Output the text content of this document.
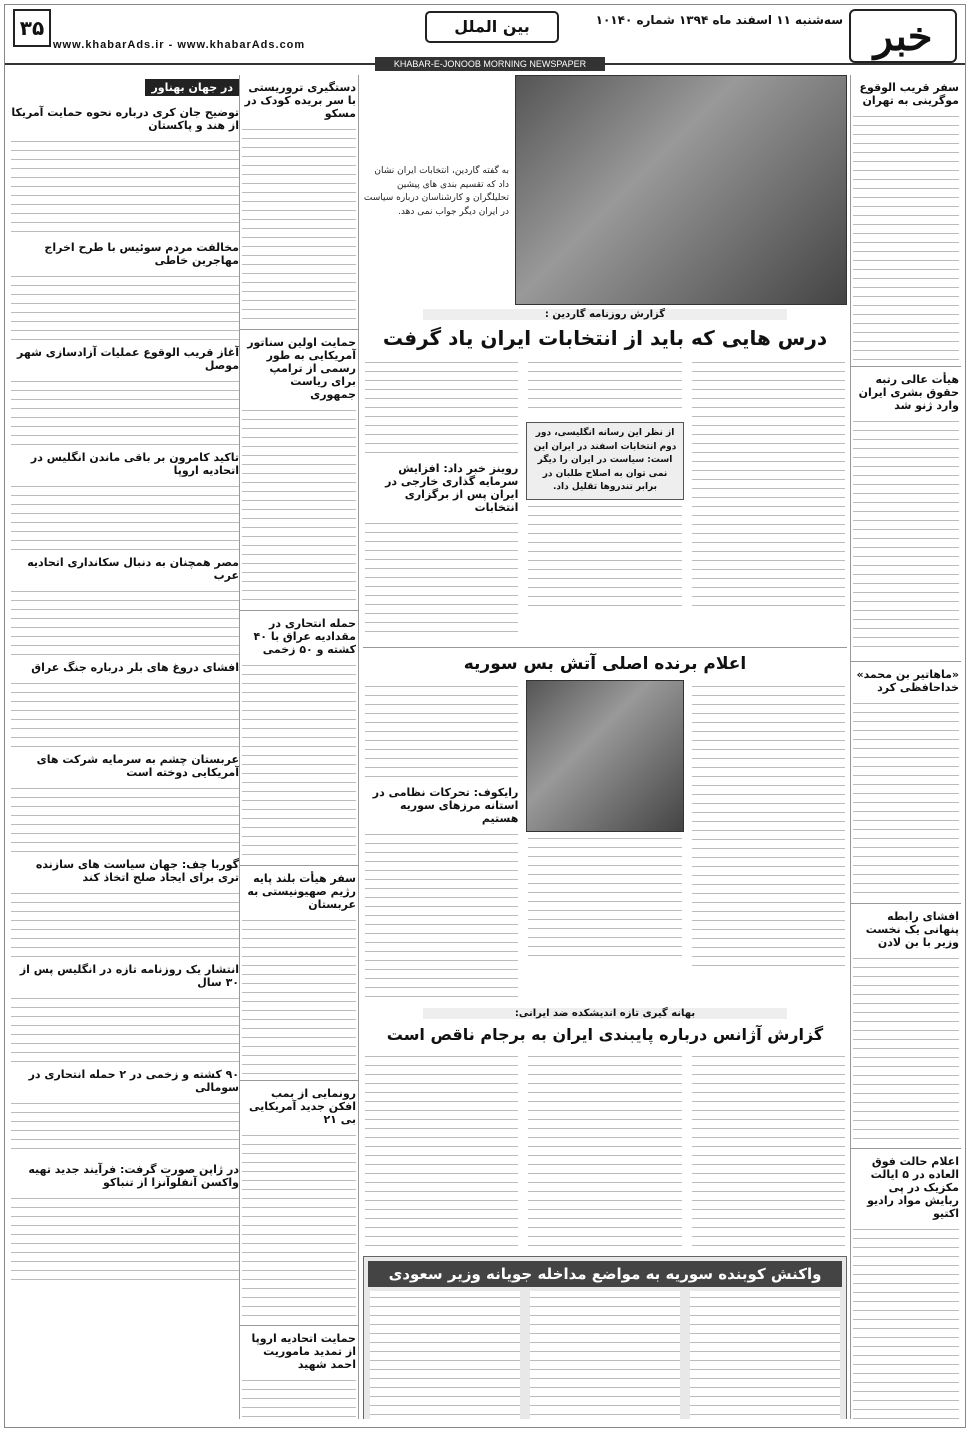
خبر
سه‌شنبه ۱۱ اسفند ماه ۱۳۹۴ شماره ۱۰۱۴۰
بین الملل
۳۵
www.khabarAds.ir - www.khabarAds.com
KHABAR-E-JONOOB MORNING NEWSPAPER
سفر قریب الوقوع موگرینی به تهران
هیأت عالی رتبه حقوق بشری ایران وارد ژنو شد
«ماهاتیر بن محمد» خداحافظی کرد
افشای رابطه پنهانی یک نخست وزیر با بن لادن
اعلام حالت فوق العاده در ۵ ایالت مکزیک در پی ربایش مواد رادیو اکتیو
به گفته گاردین، انتخابات ایران نشان داد که تقسیم بندی های پیشین تحلیلگران و کارشناسان درباره سیاست در ایران دیگر جواب نمی دهد.
گزارش روزنامه گاردین :
درس هایی که باید از انتخابات ایران یاد گرفت
از نظر این رسانه انگلیسی، دور دوم انتخابات اسفند در ایران این است: سیاست در ایران را دیگر نمی توان به اصلاح طلبان در برابر تندروها تقلیل داد.
روینز خبر داد: افزایش سرمایه گذاری خارجی در ایران پس از برگزاری انتخابات
اعلام برنده اصلی آتش بس سوریه
رایکوف: تحرکات نظامی در استانه مرزهای سوریه هستیم
بهانه گیری تازه اندیشکده ضد ایرانی:
گزارش آژانس درباره پایبندی ایران به برجام ناقص است
واکنش کوبنده سوریه به مواضع مداخله جویانه وزیر سعودی
دستگیری تروریستی با سر بریده کودک در مسکو
حمایت اولین سناتور آمریکایی به طور رسمی از ترامپ برای ریاست جمهوری
حمله انتحاری در مقدادیه عراق با ۴۰ کشته و ۵۰ زخمی
سفر هیأت بلند پایه رژیم صهیونیستی به عربستان
رونمایی از بمب افکن جدید آمریکایی بی ۲۱
حمایت اتحادیه اروپا از تمدید ماموریت احمد شهید
در جهان بهناور
توضیح جان کری درباره نحوه حمایت آمریکا از هند و پاکستان
مخالفت مردم سوئیس با طرح اخراج مهاجرین خاطی
آغاز قریب الوقوع عملیات آزادسازی شهر موصل
تاکید کامرون بر باقی ماندن انگلیس در اتحادیه اروپا
مصر همچنان به دنبال سکانداری اتحادیه عرب
افشای دروغ های بلر درباره جنگ عراق
عربستان چشم به سرمایه شرکت های آمریکایی دوخته است
گوربا چف: جهان سیاست های سازنده تری برای ایجاد صلح اتخاذ کند
انتشار یک روزنامه تازه در انگلیس پس از ۳۰ سال
۹۰ کشته و زخمی در ۲ حمله انتحاری در سومالی
در ژاپن صورت گرفت: فرآیند جدید تهیه واکسن آنفلوآنزا از تنباکو
